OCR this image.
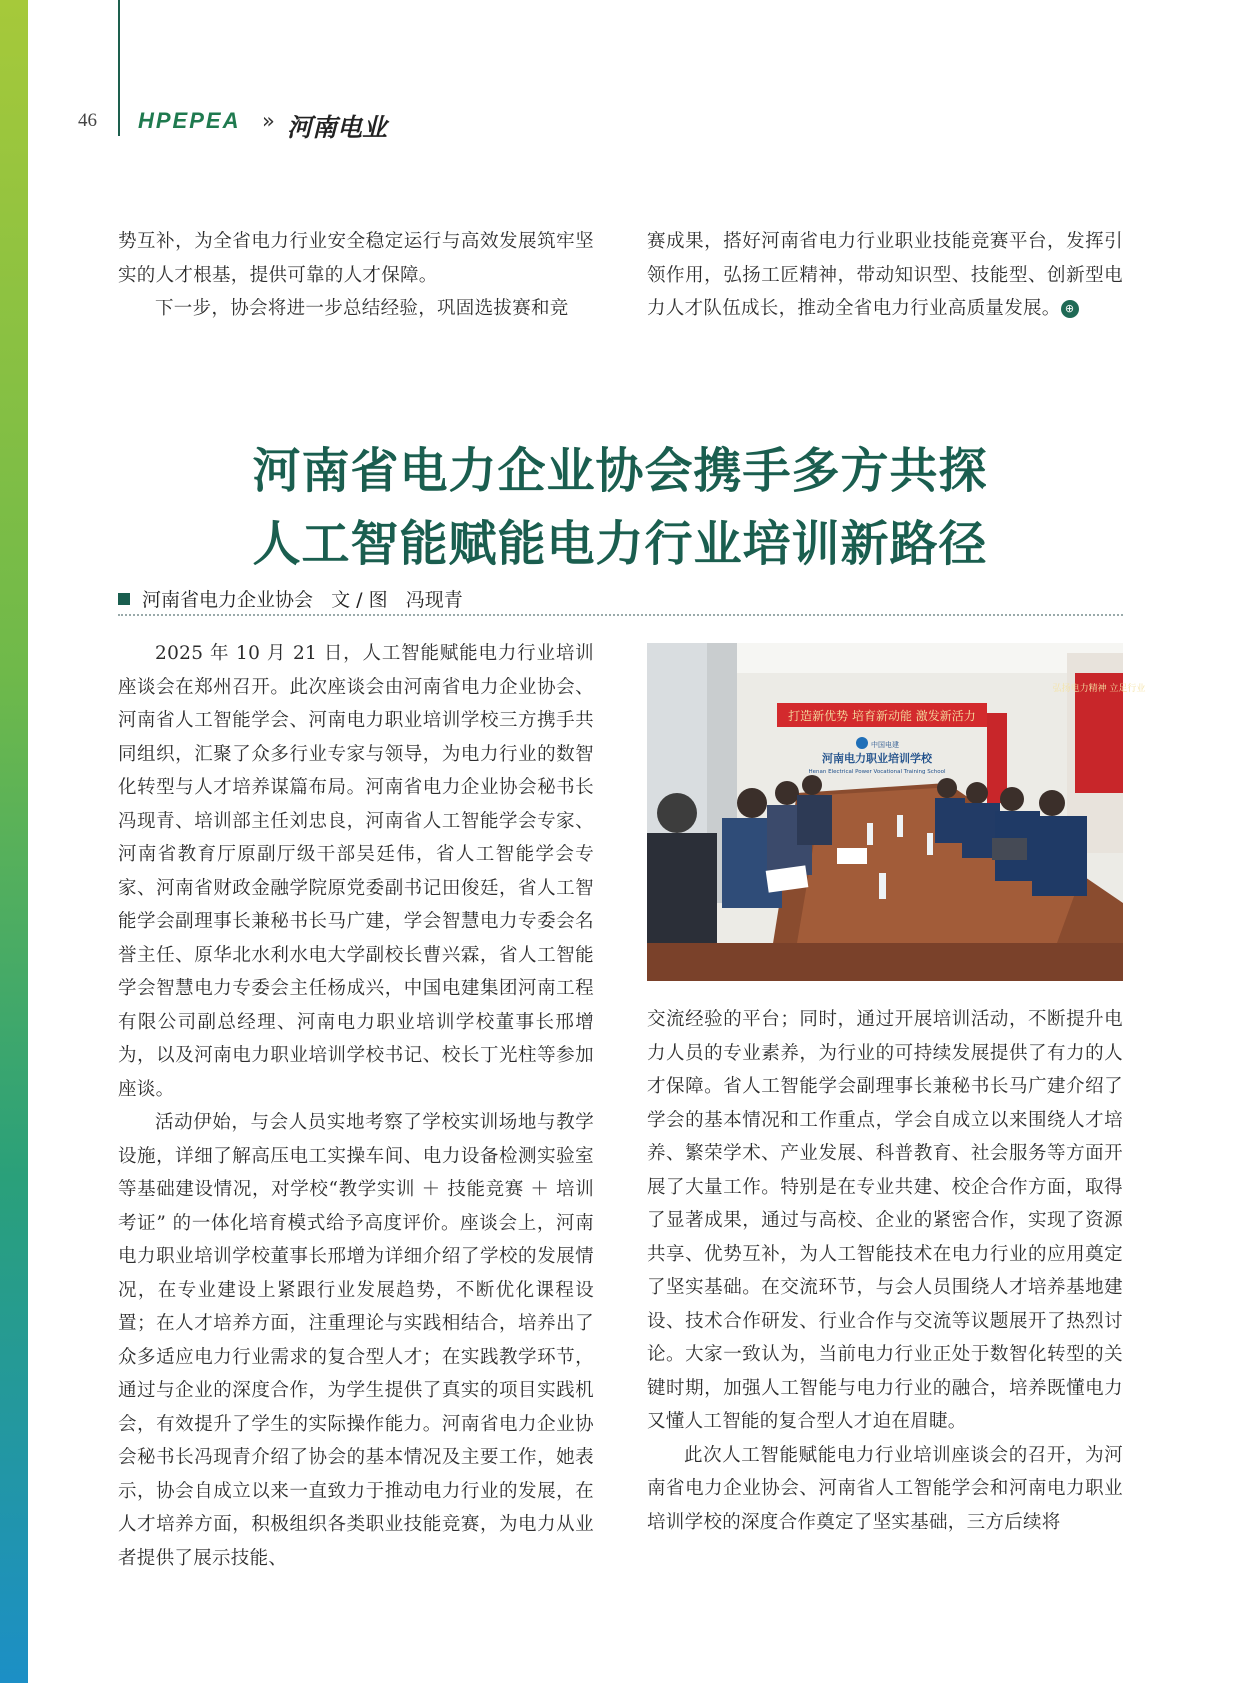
46 HPEPEA » 河南电业

势互补，为全省电力行业安全稳定运行与高效发展筑牢坚实的人才根基，提供可靠的人才保障。

下一步，协会将进一步总结经验，巩固选拔赛和竞

赛成果，搭好河南省电力行业职业技能竞赛平台，发挥引领作用，弘扬工匠精神，带动知识型、技能型、创新型电力人才队伍成长，推动全省电力行业高质量发展。 ⊕

河南省电力企业协会携手多方共探
人工智能赋能电力行业培训新路径
河南省电力企业协会   文 / 图   冯现青

2025 年 10 月 21 日，人工智能赋能电力行业培训座谈会在郑州召开。此次座谈会由河南省电力企业协会、河南省人工智能学会、河南电力职业培训学校三方携手共同组织，汇聚了众多行业专家与领导，为电力行业的数智化转型与人才培养谋篇布局。河南省电力企业协会秘书长冯现青、培训部主任刘忠良，河南省人工智能学会专家、河南省教育厅原副厅级干部吴廷伟，省人工智能学会专家、河南省财政金融学院原党委副书记田俊廷，省人工智能学会副理事长兼秘书长马广建，学会智慧电力专委会名誉主任、原华北水利水电大学副校长曹兴霖，省人工智能学会智慧电力专委会主任杨成兴，中国电建集团河南工程有限公司副总经理、河南电力职业培训学校董事长邢增为，以及河南电力职业培训学校书记、校长丁光柱等参加座谈。

活动伊始，与会人员实地考察了学校实训场地与教学设施，详细了解高压电工实操车间、电力设备检测实验室等基础建设情况，对学校“教学实训 ＋ 技能竞赛 ＋ 培训考证” 的一体化培育模式给予高度评价。座谈会上，河南电力职业培训学校董事长邢增为详细介绍了学校的发展情况，在专业建设上紧跟行业发展趋势，不断优化课程设置；在人才培养方面，注重理论与实践相结合，培养出了众多适应电力行业需求的复合型人才；在实践教学环节，通过与企业的深度合作，为学生提供了真实的项目实践机会，有效提升了学生的实际操作能力。河南省电力企业协会秘书长冯现青介绍了协会的基本情况及主要工作，她表示，协会自成立以来一直致力于推动电力行业的发展，在人才培养方面，积极组织各类职业技能竞赛，为电力从业者提供了展示技能、

弘扬电力精神 立足行业
打造新优势 培育新动能 激发新活力
中国电建
河南电力职业培训学校
Henan Electrical Power Vocational Training School

交流经验的平台；同时，通过开展培训活动，不断提升电力人员的专业素养，为行业的可持续发展提供了有力的人才保障。省人工智能学会副理事长兼秘书长马广建介绍了学会的基本情况和工作重点，学会自成立以来围绕人才培养、繁荣学术、产业发展、科普教育、社会服务等方面开展了大量工作。特别是在专业共建、校企合作方面，取得了显著成果，通过与高校、企业的紧密合作，实现了资源共享、优势互补，为人工智能技术在电力行业的应用奠定了坚实基础。在交流环节，与会人员围绕人才培养基地建设、技术合作研发、行业合作与交流等议题展开了热烈讨论。大家一致认为，当前电力行业正处于数智化转型的关键时期，加强人工智能与电力行业的融合，培养既懂电力又懂人工智能的复合型人才迫在眉睫。

此次人工智能赋能电力行业培训座谈会的召开，为河南省电力企业协会、河南省人工智能学会和河南电力职业培训学校的深度合作奠定了坚实基础，三方后续将
